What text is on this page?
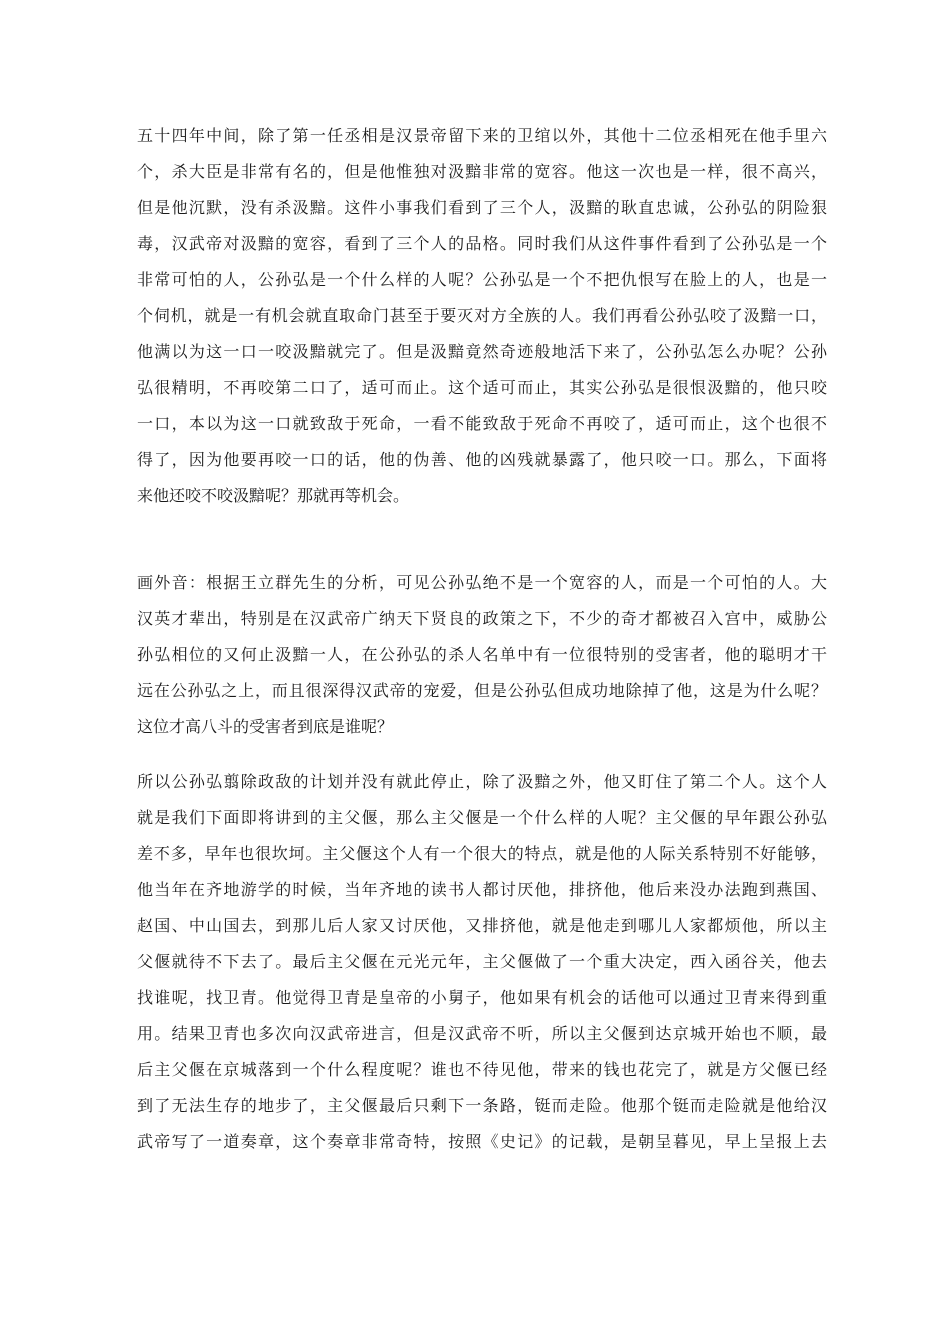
五十四年中间，除了第一任丞相是汉景帝留下来的卫绾以外，其他十二位丞相死在他手里六
个，杀大臣是非常有名的，但是他惟独对汲黯非常的宽容。他这一次也是一样，很不高兴，
但是他沉默，没有杀汲黯。这件小事我们看到了三个人，汲黯的耿直忠诚，公孙弘的阴险狠
毒，汉武帝对汲黯的宽容，看到了三个人的品格。同时我们从这件事件看到了公孙弘是一个
非常可怕的人，公孙弘是一个什么样的人呢？公孙弘是一个不把仇恨写在脸上的人，也是一
个伺机，就是一有机会就直取命门甚至于要灭对方全族的人。我们再看公孙弘咬了汲黯一口，
他满以为这一口一咬汲黯就完了。但是汲黯竟然奇迹般地活下来了，公孙弘怎么办呢？公孙
弘很精明，不再咬第二口了，适可而止。这个适可而止，其实公孙弘是很恨汲黯的，他只咬
一口，本以为这一口就致敌于死命，一看不能致敌于死命不再咬了，适可而止，这个也很不
得了，因为他要再咬一口的话，他的伪善、他的凶残就暴露了，他只咬一口。那么，下面将
来他还咬不咬汲黯呢？那就再等机会。
画外音：根据王立群先生的分析，可见公孙弘绝不是一个宽容的人，而是一个可怕的人。大
汉英才辈出，特别是在汉武帝广纳天下贤良的政策之下，不少的奇才都被召入宫中，威胁公
孙弘相位的又何止汲黯一人，在公孙弘的杀人名单中有一位很特别的受害者，他的聪明才干
远在公孙弘之上，而且很深得汉武帝的宠爱，但是公孙弘但成功地除掉了他，这是为什么呢？
这位才高八斗的受害者到底是谁呢？
所以公孙弘翦除政敌的计划并没有就此停止，除了汲黯之外，他又盯住了第二个人。这个人
就是我们下面即将讲到的主父偃，那么主父偃是一个什么样的人呢？主父偃的早年跟公孙弘
差不多，早年也很坎坷。主父偃这个人有一个很大的特点，就是他的人际关系特别不好能够，
他当年在齐地游学的时候，当年齐地的读书人都讨厌他，排挤他，他后来没办法跑到燕国、
赵国、中山国去，到那儿后人家又讨厌他，又排挤他，就是他走到哪儿人家都烦他，所以主
父偃就待不下去了。最后主父偃在元光元年，主父偃做了一个重大决定，西入函谷关，他去
找谁呢，找卫青。他觉得卫青是皇帝的小舅子，他如果有机会的话他可以通过卫青来得到重
用。结果卫青也多次向汉武帝进言，但是汉武帝不听，所以主父偃到达京城开始也不顺，最
后主父偃在京城落到一个什么程度呢？谁也不待见他，带来的钱也花完了，就是方父偃已经
到了无法生存的地步了，主父偃最后只剩下一条路，铤而走险。他那个铤而走险就是他给汉
武帝写了一道奏章，这个奏章非常奇特，按照《史记》的记载，是朝呈暮见，早上呈报上去
